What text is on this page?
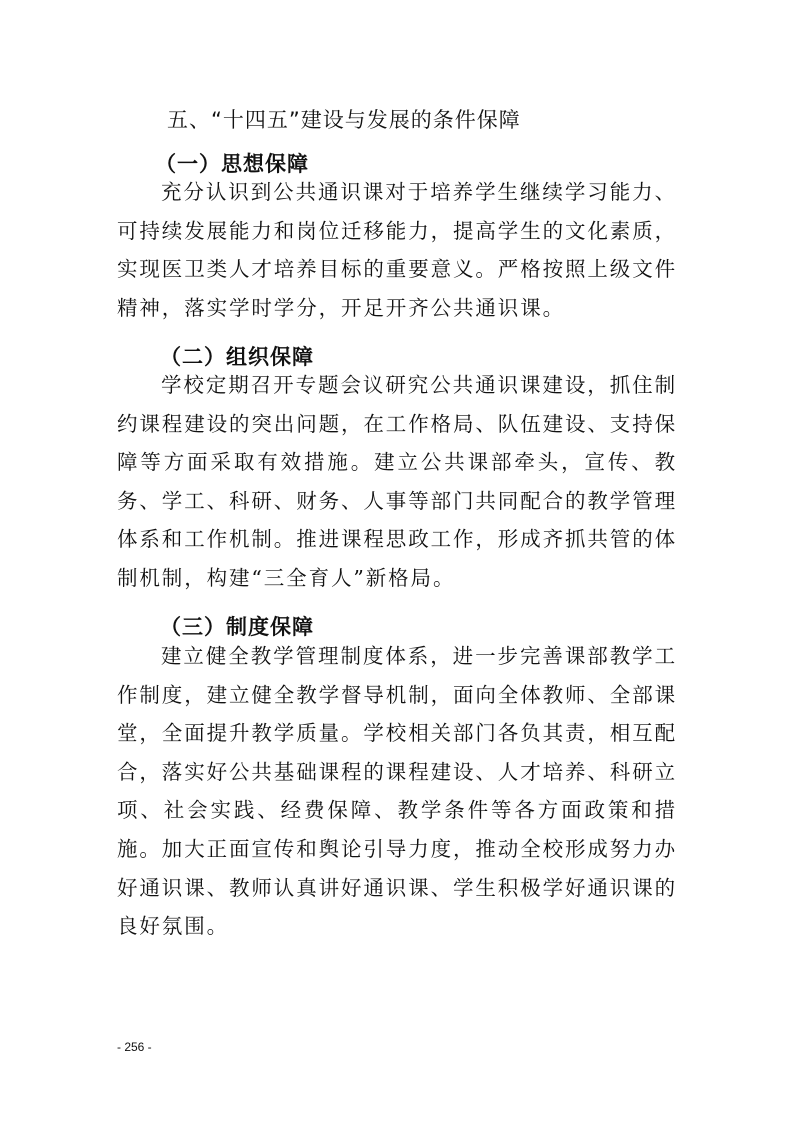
五、“十四五”建设与发展的条件保障
（一）思想保障

充分认识到公共通识课对于培养学生继续学习能力、可持续发展能力和岗位迁移能力，提高学生的文化素质，实现医卫类人才培养目标的重要意义。严格按照上级文件精神，落实学时学分，开足开齐公共通识课。

（二）组织保障

学校定期召开专题会议研究公共通识课建设，抓住制约课程建设的突出问题，在工作格局、队伍建设、支持保障等方面采取有效措施。建立公共课部牵头，宣传、教务、学工、科研、财务、人事等部门共同配合的教学管理体系和工作机制。推进课程思政工作，形成齐抓共管的体制机制，构建“三全育人”新格局。

（三）制度保障

建立健全教学管理制度体系，进一步完善课部教学工作制度，建立健全教学督导机制，面向全体教师、全部课堂，全面提升教学质量。学校相关部门各负其责，相互配合，落实好公共基础课程的课程建设、人才培养、科研立项、社会实践、经费保障、教学条件等各方面政策和措施。加大正面宣传和舆论引导力度，推动全校形成努力办好通识课、教师认真讲好通识课、学生积极学好通识课的良好氛围。

- 256 -
